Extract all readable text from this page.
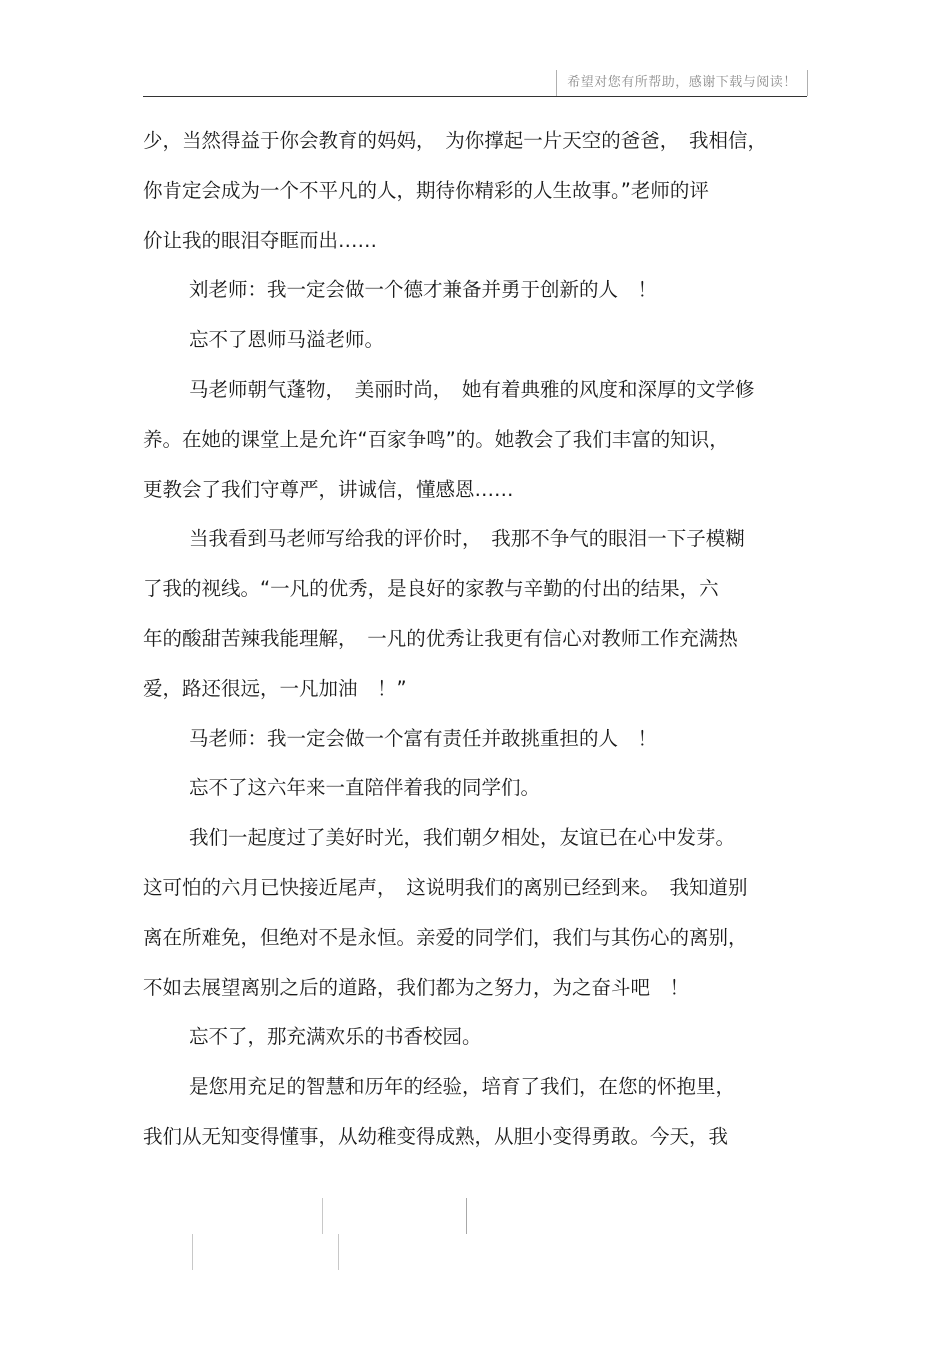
希望对您有所帮助，感谢下载与阅读！
少，当然得益于你会教育的妈妈，　为你撑起一片天空的爸爸，　我相信，
你肯定会成为一个不平凡的人，期待你精彩的人生故事。”老师的评
价让我的眼泪夺眶而出……
刘老师：我一定会做一个德才兼备并勇于创新的人　！
忘不了恩师马溢老师。
马老师朝气蓬物，　美丽时尚，　她有着典雅的风度和深厚的文学修
养。在她的课堂上是允许“百家争鸣”的。她教会了我们丰富的知识，
更教会了我们守尊严，讲诚信，懂感恩……
当我看到马老师写给我的评价时，　我那不争气的眼泪一下子模糊
了我的视线。“一凡的优秀，是良好的家教与辛勤的付出的结果，六
年的酸甜苦辣我能理解，　一凡的优秀让我更有信心对教师工作充满热
爱，路还很远，一凡加油　！”
马老师：我一定会做一个富有责任并敢挑重担的人　！
忘不了这六年来一直陪伴着我的同学们。
我们一起度过了美好时光，我们朝夕相处，友谊已在心中发芽。
这可怕的六月已快接近尾声，　这说明我们的离别已经到来。　我知道别
离在所难免，但绝对不是永恒。亲爱的同学们，我们与其伤心的离别，
不如去展望离别之后的道路，我们都为之努力，为之奋斗吧　！
忘不了，那充满欢乐的书香校园。
是您用充足的智慧和历年的经验，培育了我们，在您的怀抱里，
我们从无知变得懂事，从幼稚变得成熟，从胆小变得勇敢。今天，我
